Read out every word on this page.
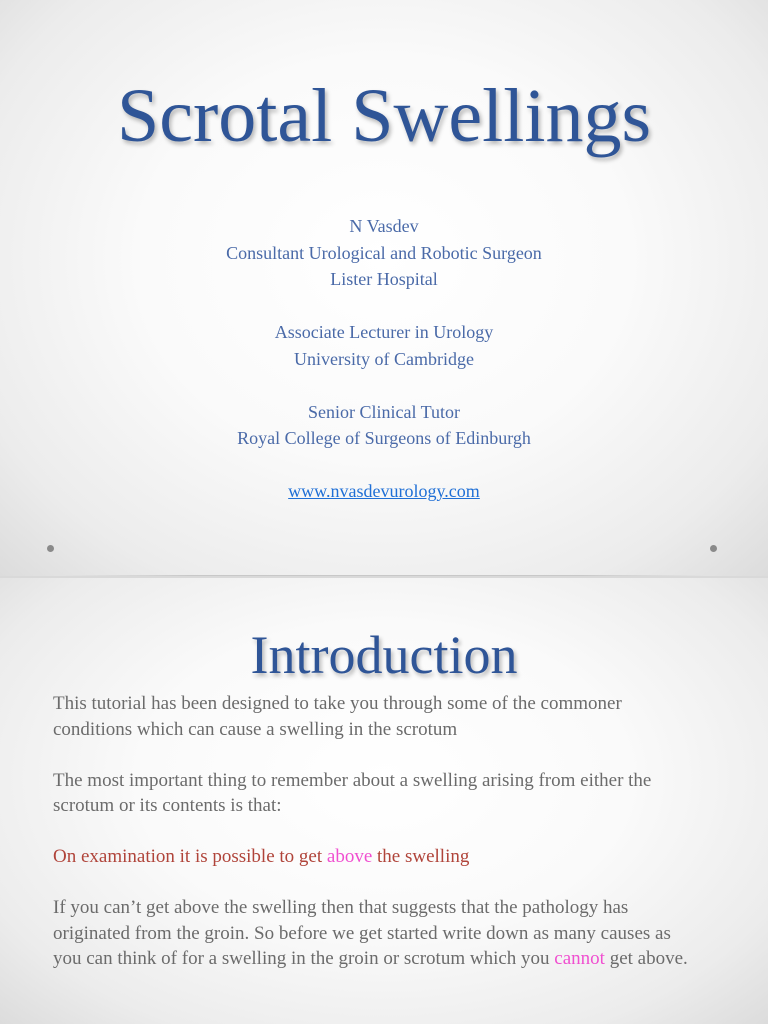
Scrotal Swellings
N Vasdev
Consultant Urological and Robotic Surgeon
Lister Hospital
Associate Lecturer in Urology
University of Cambridge
Senior Clinical Tutor
Royal College of Surgeons of Edinburgh
www.nvasdevurology.com
Introduction

This tutorial has been designed to take you through some of the commoner conditions which can cause a swelling in the scrotum

The most important thing to remember about a swelling arising from either the scrotum or its contents is that:

On examination it is possible to get above the swelling

If you can’t get above the swelling then that suggests that the pathology has originated from the groin. So before we get started write down as many causes as you can think of for a swelling in the groin or scrotum which you cannot get above.
